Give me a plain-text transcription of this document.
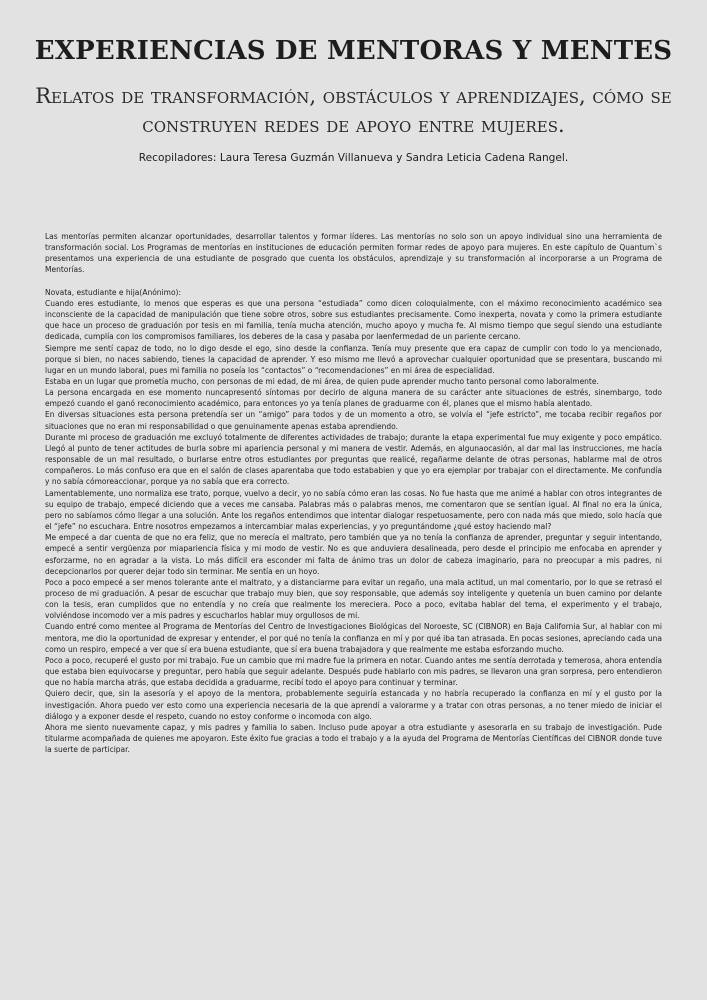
EXPERIENCIAS DE MENTORAS Y MENTES
Relatos de transformación, obstáculos y aprendizajes, cómo se construyen redes de apoyo entre mujeres.
Recopiladores: Laura Teresa Guzmán Villanueva y Sandra Leticia Cadena Rangel.

Las mentorías permiten alcanzar oportunidades, desarrollar talentos y formar líderes. Las mentorías no solo son un apoyo individual sino una herramienta de transformación social. Los Programas de mentorías en instituciones de educación permiten formar redes de apoyo para mujeres. En este capítulo de Quantum`s presentamos una experiencia de una estudiante de posgrado que cuenta los obstáculos, aprendizaje y su transformación al incorporarse a un Programa de Mentorías.

Novata, estudiante e hija(Anónimo):

Cuando eres estudiante, lo menos que esperas es que una persona “estudiada” como dicen coloquialmente, con el máximo reconocimiento académico sea inconsciente de la capacidad de manipulación que tiene sobre otros, sobre sus estudiantes precisamente. Como inexperta, novata y como la primera estudiante que hace un proceso de graduación por tesis en mi familia, tenía mucha atención, mucho apoyo y mucha fe. Al mismo tiempo que seguí siendo una estudiante dedicada, cumplía con los compromisos familiares, los deberes de la casa y pasaba por laenfermedad de un pariente cercano.

Siempre me sentí capaz de todo, no lo digo desde el ego, sino desde la confianza. Tenía muy presente que era capaz de cumplir con todo lo ya mencionado, porque si bien, no naces sabiendo, tienes la capacidad de aprender. Y eso mismo me llevó a aprovechar cualquier oportunidad que se presentara, buscando mi lugar en un mundo laboral, pues mi familia no poseía los “contactos” o “recomendaciones” en mi área de especialidad.

Estaba en un lugar que prometía mucho, con personas de mi edad, de mi área, de quien pude aprender mucho tanto personal como laboralmente.

La persona encargada en ese momento nuncapresentó síntomas por decirlo de alguna manera de su carácter ante situaciones de estrés, sinembargo, todo empezó cuando el ganó reconocimiento académico, para entonces yo ya tenía planes de graduarme con él, planes que el mismo había alentado.

En diversas situaciones esta persona pretendía ser un “amigo” para todos y de un momento a otro, se volvía el “jefe estricto”, me tocaba recibir regaños por situaciones que no eran mi responsabilidad o que genuinamente apenas estaba aprendiendo.

Durante mi proceso de graduación me excluyó totalmente de diferentes actividades de trabajo; durante la etapa experimental fue muy exigente y poco empático. Llegó al punto de tener actitudes de burla sobre mi apariencia personal y mi manera de vestir. Además, en algunaocasión, al dar mal las instrucciones, me hacía responsable de un mal resultado, o burlarse entre otros estudiantes por preguntas que realicé, regañarme delante de otras personas, hablarme mal de otros compañeros. Lo más confuso era que en el salón de clases aparentaba que todo estababien y que yo era ejemplar por trabajar con el directamente. Me confundía y no sabía cómoreaccionar, porque ya no sabía que era correcto.

Lamentablemente, uno normaliza ese trato, porque, vuelvo a decir, yo no sabía cómo eran las cosas. No fue hasta que me animé a hablar con otros integrantes de su equipo de trabajo, empecé diciendo que a veces me cansaba. Palabras más o palabras menos, me comentaron que se sentían igual. Al final no era la única, pero no sabíamos cómo llegar a una solución. Ante los regaños entendimos que intentar dialogar respetuosamente, pero con nada más que miedo, solo hacía que el “jefe” no escuchara. Entre nosotros empezamos a intercambiar malas experiencias, y yo preguntándome ¿qué estoy haciendo mal?

Me empecé a dar cuenta de que no era feliz, que no merecía el maltrato, pero también que ya no tenía la confianza de aprender, preguntar y seguir intentando, empecé a sentir vergüenza por miapariencia física y mi modo de vestir. No es que anduviera desalineada, pero desde el principio me enfocaba en aprender y esforzarme, no en agradar a la vista. Lo más difícil era esconder mi falta de ánimo tras un dolor de cabeza imaginario, para no preocupar a mis padres, ni decepcionarlos por querer dejar todo sin terminar. Me sentía en un hoyo.

Poco a poco empecé a ser menos tolerante ante el maltrato, y a distanciarme para evitar un regaño, una mala actitud, un mal comentario, por lo que se retrasó el proceso de mi graduación. A pesar de escuchar que trabajo muy bien, que soy responsable, que además soy inteligente y quetenía un buen camino por delante con la tesis, eran cumplidos que no entendía y no creía que realmente los mereciera. Poco a poco, evitaba hablar del tema, el experimento y el trabajo, volviéndose incomodo ver a mis padres y escucharlos hablar muy orgullosos de mi.

Cuando entré como mentee al Programa de Mentorías del Centro de Investigaciones Biológicas del Noroeste, SC (CIBNOR) en Baja California Sur, al hablar con mi mentora, me dio la oportunidad de expresar y entender, el por qué no tenía la confianza en mí y por qué iba tan atrasada. En pocas sesiones, apreciando cada una como un respiro, empecé a ver que sí era buena estudiante, que sí era buena trabajadora y que realmente me estaba esforzando mucho.

Poco a poco, recuperé el gusto por mi trabajo. Fue un cambio que mi madre fue la primera en notar. Cuando antes me sentía derrotada y temerosa, ahora entendía que estaba bien equivocarse y preguntar, pero había que seguir adelante. Después pude hablarlo con mis padres, se llevaron una gran sorpresa, pero entendieron que no había marcha atrás, que estaba decidida a graduarme, recibí todo el apoyo para continuar y terminar.

Quiero decir, que, sin la asesoría y el apoyo de la mentora, probablemente seguiría estancada y no habría recuperado la confianza en mí y el gusto por la investigación. Ahora puedo ver esto como una experiencia necesaria de la que aprendí a valorarme y a tratar con otras personas, a no tener miedo de iniciar el diálogo y a exponer desde el respeto, cuando no estoy conforme o incomoda con algo.

Ahora me siento nuevamente capaz, y mis padres y familia lo saben. Incluso pude apoyar a otra estudiante y asesorarla en su trabajo de investigación. Pude titularme acompañada de quienes me apoyaron. Este éxito fue gracias a todo el trabajo y a la ayuda del Programa de Mentorías Científicas del CIBNOR donde tuve la suerte de participar.
